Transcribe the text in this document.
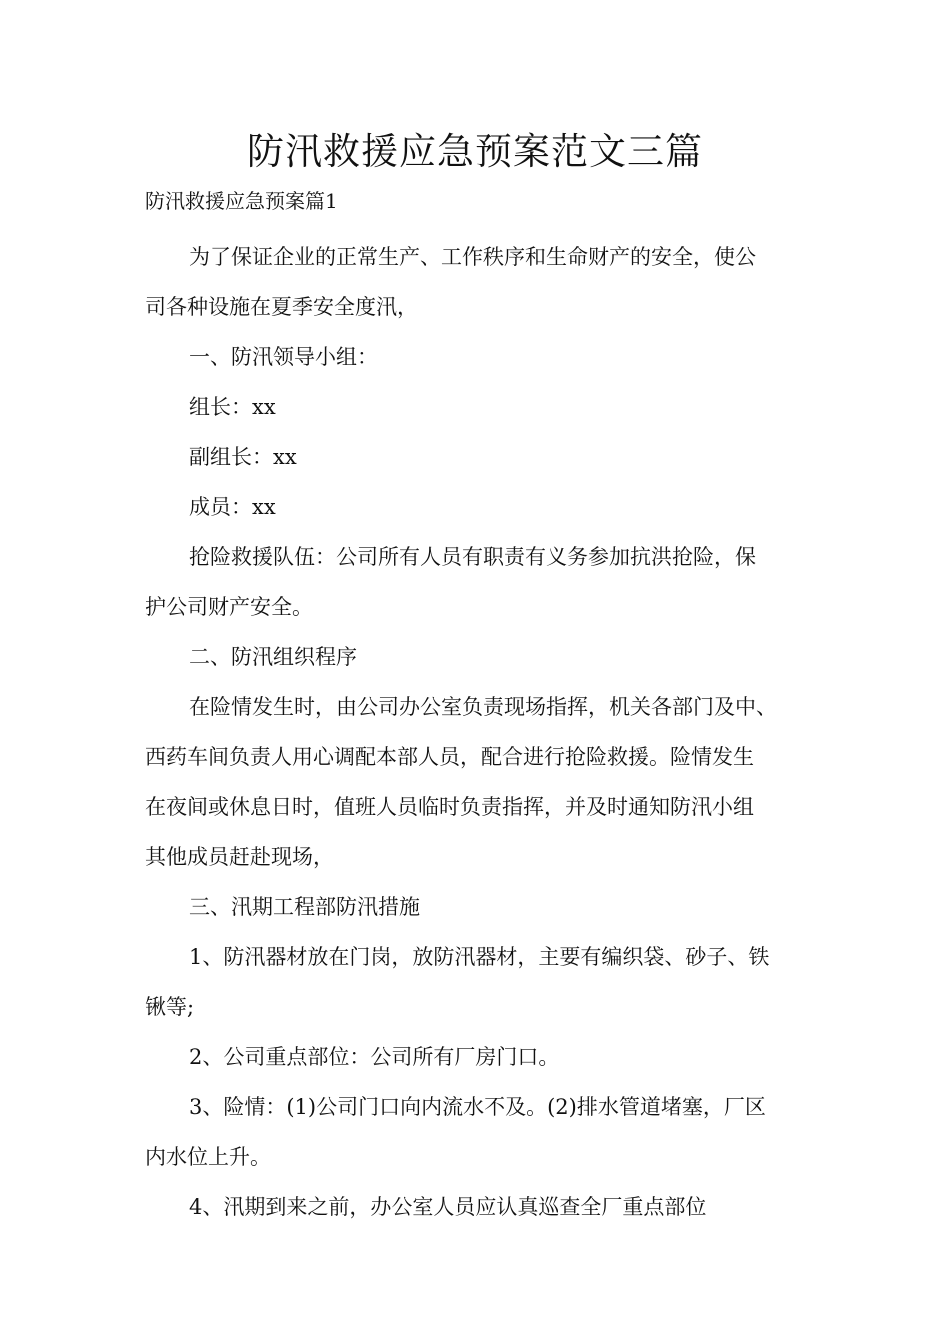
防汛救援应急预案范文三篇

防汛救援应急预案篇1

为了保证企业的正常生产、工作秩序和生命财产的安全，使公
司各种设施在夏季安全度汛，

一、防汛领导小组：

组长：xx

副组长：xx

成员：xx

抢险救援队伍：公司所有人员有职责有义务参加抗洪抢险，保
护公司财产安全。

二、防汛组织程序

在险情发生时，由公司办公室负责现场指挥，机关各部门及中、
西药车间负责人用心调配本部人员，配合进行抢险救援。险情发生
在夜间或休息日时，值班人员临时负责指挥，并及时通知防汛小组
其他成员赶赴现场，

三、汛期工程部防汛措施

1、防汛器材放在门岗，放防汛器材，主要有编织袋、砂子、铁
锹等;

2、公司重点部位：公司所有厂房门口。

3、险情：(1)公司门口向内流水不及。(2)排水管道堵塞，厂区
内水位上升。

4、汛期到来之前，办公室人员应认真巡查全厂重点部位
